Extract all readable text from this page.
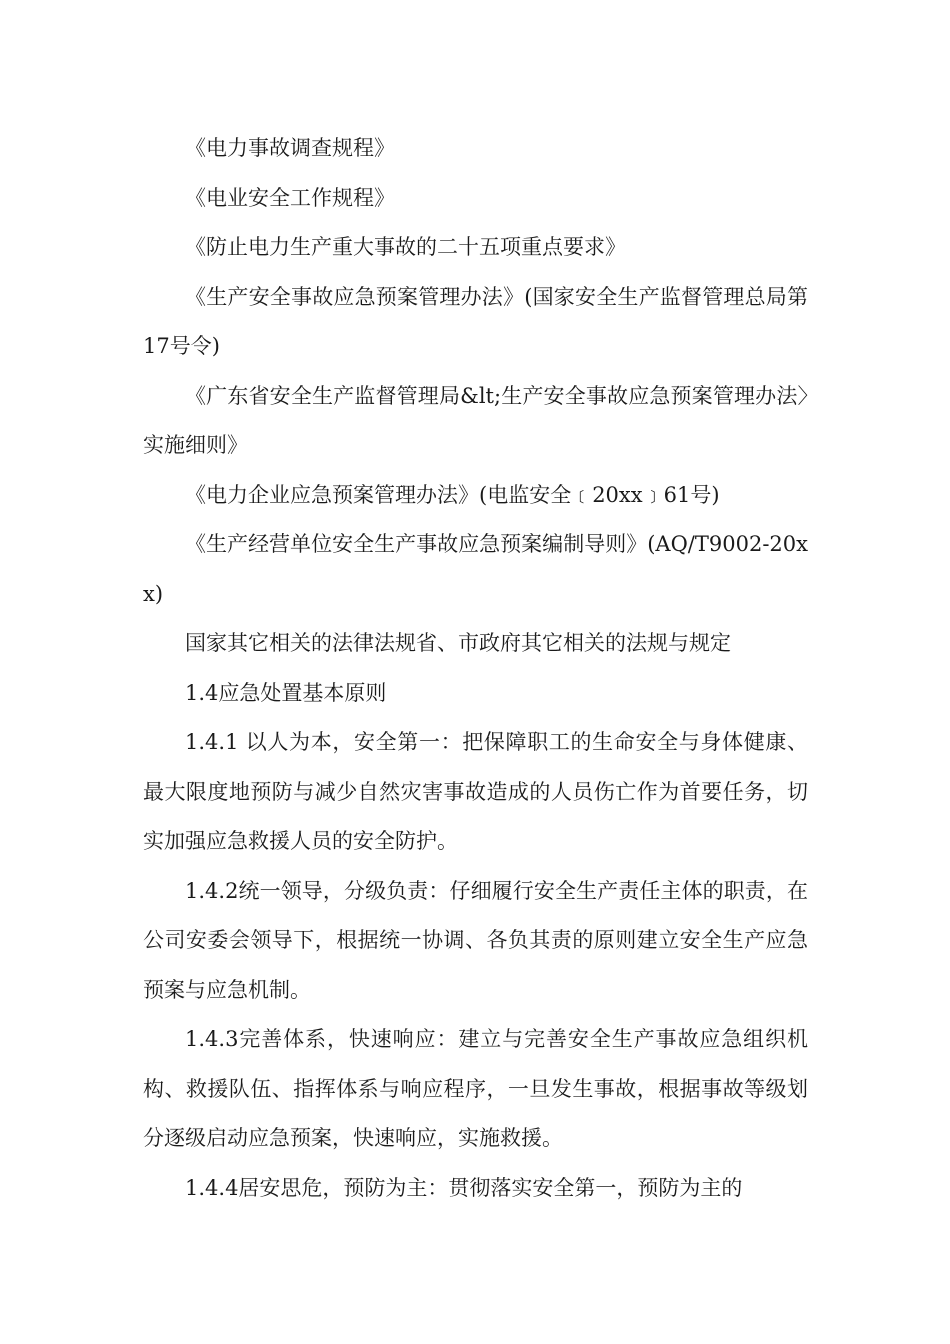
《电力事故调查规程》

《电业安全工作规程》

《防止电力生产重大事故的二十五项重点要求》

《生产安全事故应急预案管理办法》(国家安全生产监督管理总局第17号令)

《广东省安全生产监督管理局&lt;生产安全事故应急预案管理办法〉实施细则》

《电力企业应急预案管理办法》(电监安全﹝20xx﹞61号)

《生产经营单位安全生产事故应急预案编制导则》(AQ/T9002-20xx)

国家其它相关的法律法规省、市政府其它相关的法规与规定

1.4应急处置基本原则

1.4.1 以人为本，安全第一：把保障职工的生命安全与身体健康、最大限度地预防与减少自然灾害事故造成的人员伤亡作为首要任务，切实加强应急救援人员的安全防护。

1.4.2统一领导，分级负责：仔细履行安全生产责任主体的职责，在公司安委会领导下，根据统一协调、各负其责的原则建立安全生产应急预案与应急机制。

1.4.3完善体系，快速响应：建立与完善安全生产事故应急组织机构、救援队伍、指挥体系与响应程序，一旦发生事故，根据事故等级划分逐级启动应急预案，快速响应，实施救援。

1.4.4居安思危，预防为主：贯彻落实安全第一，预防为主的
